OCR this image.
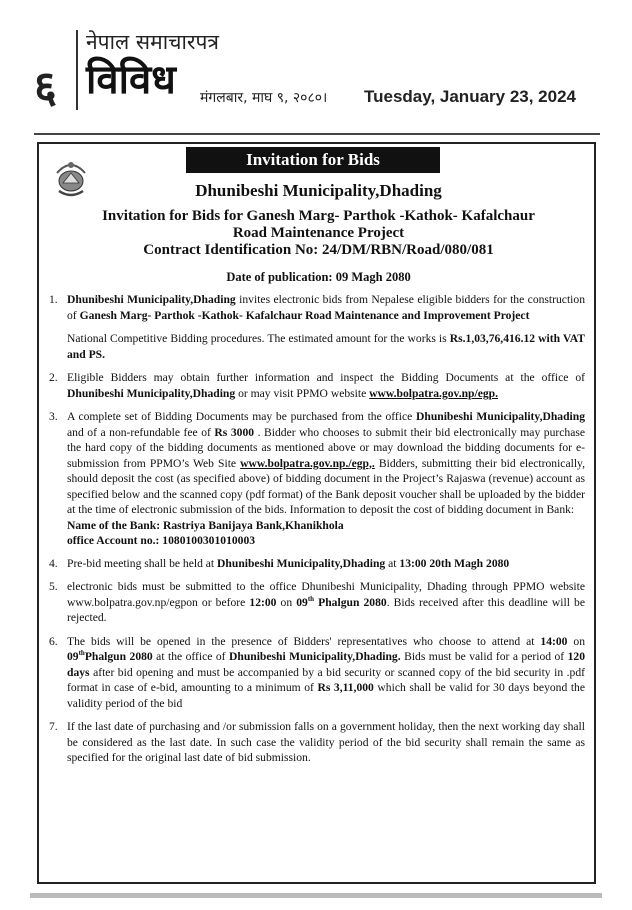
६
नेपाल समाचारपत्र
विविध मंगलबार, माघ ९, २०८०। Tuesday, January 23, 2024
Invitation for Bids
Dhunibeshi Municipality,Dhading
Invitation for Bids for Ganesh Marg- Parthok -Kathok- Kafalchaur
Road Maintenance Project
Contract Identification No: 24/DM/RBN/Road/080/081
Date of publication: 09 Magh 2080
1. Dhunibeshi Municipality,Dhading invites electronic bids from Nepalese eligible bidders for the construction of Ganesh Marg- Parthok -Kathok- Kafalchaur Road Maintenance and Improvement Project
National Competitive Bidding procedures. The estimated amount for the works is Rs.1,03,76,416.12 with VAT and PS.
2. Eligible Bidders may obtain further information and inspect the Bidding Documents at the office of Dhunibeshi Municipality,Dhading or may visit PPMO website www.bolpatra.gov.np/egp.
3. A complete set of Bidding Documents may be purchased from the office Dhunibeshi Municipality,Dhading and of a non-refundable fee of Rs 3000 . Bidder who chooses to submit their bid electronically may purchase the hard copy of the bidding documents as mentioned above or may download the bidding documents for e-submission from PPMO’s Web Site www.bolpatra.gov.np./egp,. Bidders, submitting their bid electronically, should deposit the cost (as specified above) of bidding document in the Project’s Rajaswa (revenue) account as specified below and the scanned copy (pdf format) of the Bank deposit voucher shall be uploaded by the bidder at the time of electronic submission of the bids. Information to deposit the cost of bidding document in Bank:
Name of the Bank: Rastriya Banijaya Bank,Khanikhola
office Account no.: 1080100301010003
4. Pre-bid meeting shall be held at Dhunibeshi Municipality,Dhading at 13:00 20th Magh 2080
5. electronic bids must be submitted to the office Dhunibeshi Municipality, Dhading through PPMO website www.bolpatra.gov.np/egpon or before 12:00 on 09th Phalgun 2080. Bids received after this deadline will be rejected.
6. The bids will be opened in the presence of Bidders' representatives who choose to attend at 14:00 on 09thPhalgun 2080 at the office of Dhunibeshi Municipality,Dhading. Bids must be valid for a period of 120 days after bid opening and must be accompanied by a bid security or scanned copy of the bid security in .pdf format in case of e-bid, amounting to a minimum of Rs 3,11,000 which shall be valid for 30 days beyond the validity period of the bid
7. If the last date of purchasing and /or submission falls on a government holiday, then the next working day shall be considered as the last date. In such case the validity period of the bid security shall remain the same as specified for the original last date of bid submission.
